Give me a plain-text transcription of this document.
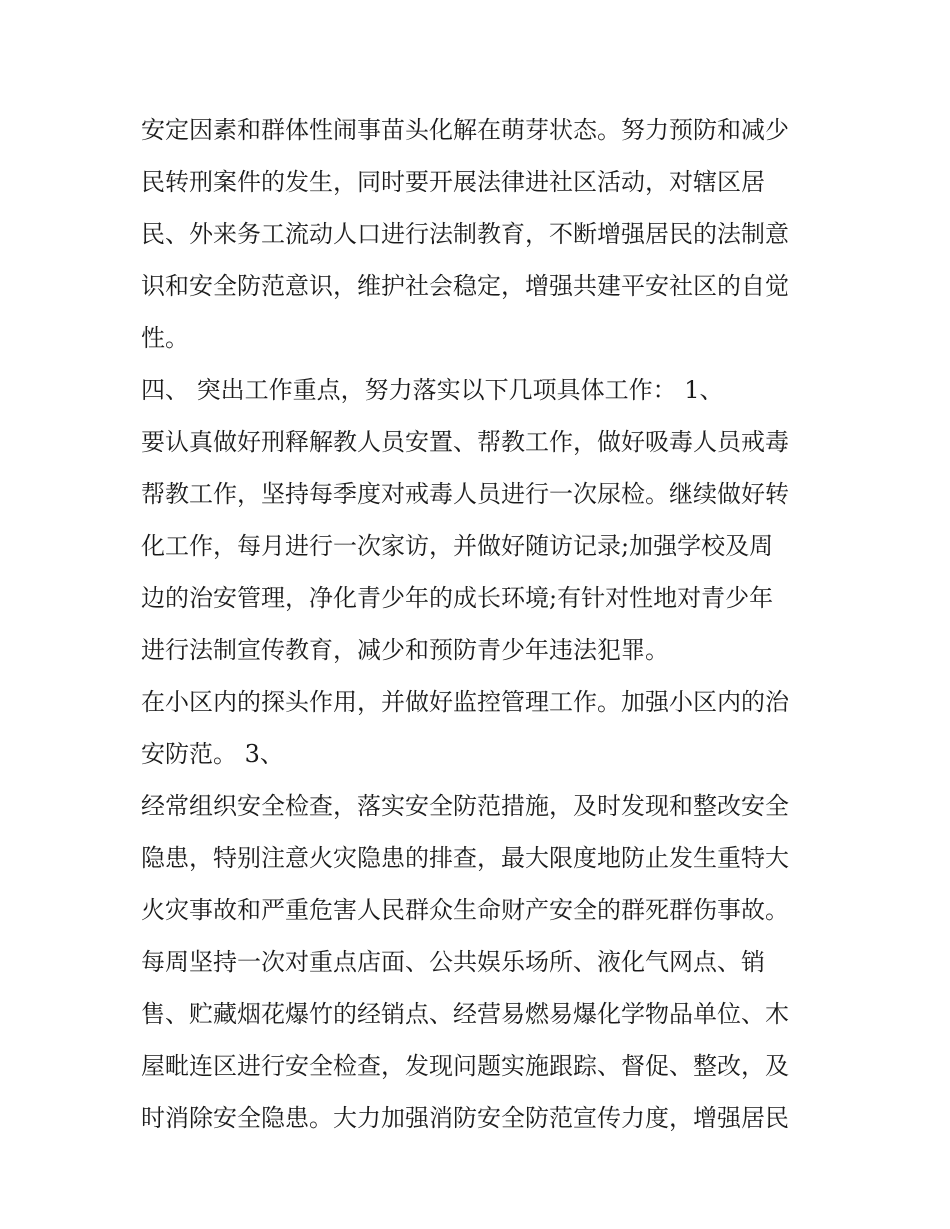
安定因素和群体性闹事苗头化解在萌芽状态。努力预防和减少
民转刑案件的发生，同时要开展法律进社区活动，对辖区居
民、外来务工流动人口进行法制教育，不断增强居民的法制意
识和安全防范意识，维护社会稳定，增强共建平安社区的自觉
性。
四、 突出工作重点，努力落实以下几项具体工作： 1、
要认真做好刑释解教人员安置、帮教工作，做好吸毒人员戒毒
帮教工作，坚持每季度对戒毒人员进行一次尿检。继续做好转
化工作，每月进行一次家访，并做好随访记录;加强学校及周
边的治安管理，净化青少年的成长环境;有针对性地对青少年
进行法制宣传教育，减少和预防青少年违法犯罪。
在小区内的探头作用，并做好监控管理工作。加强小区内的治
安防范。 3、
经常组织安全检查，落实安全防范措施，及时发现和整改安全
隐患，特别注意火灾隐患的排查，最大限度地防止发生重特大
火灾事故和严重危害人民群众生命财产安全的群死群伤事故。
每周坚持一次对重点店面、公共娱乐场所、液化气网点、销
售、贮藏烟花爆竹的经销点、经营易燃易爆化学物品单位、木
屋毗连区进行安全检查，发现问题实施跟踪、督促、整改，及
时消除安全隐患。大力加强消防安全防范宣传力度，增强居民
